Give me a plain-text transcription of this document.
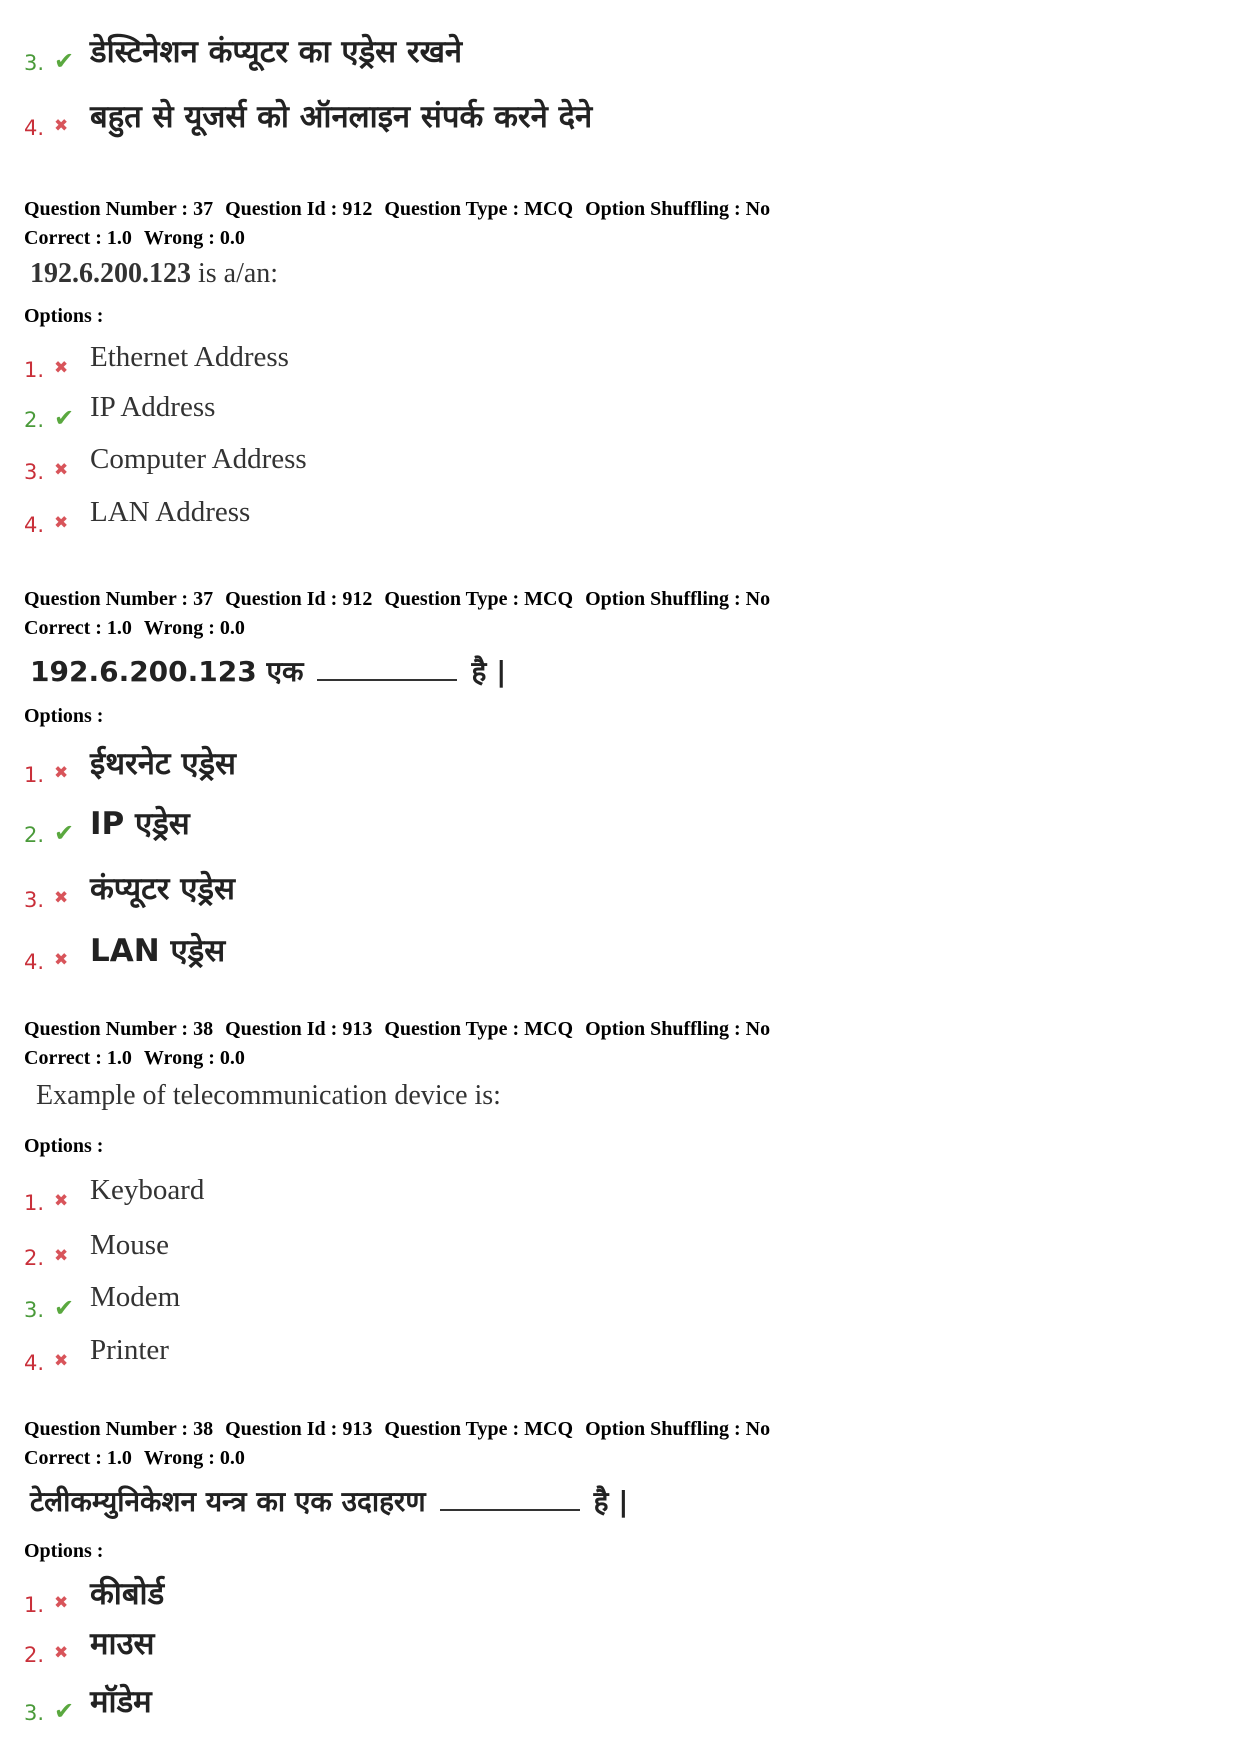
3. ✔ डेस्टिनेशन कंप्यूटर का एड्रेस रखने
4. ✖ बहुत से यूजर्स को ऑनलाइन संपर्क करने देने
Question Number : 37 Question Id : 912 Question Type : MCQ Option Shuffling : No
Correct : 1.0 Wrong : 0.0
192.6.200.123 is a/an:
Options :
1. ✖ Ethernet Address
2. ✔ IP Address
3. ✖ Computer Address
4. ✖ LAN Address
Question Number : 37 Question Id : 912 Question Type : MCQ Option Shuffling : No
Correct : 1.0 Wrong : 0.0
192.6.200.123 एक	है |
Options :
1. ✖ ईथरनेट एड्रेस
2. ✔ IP एड्रेस
3. ✖ कंप्यूटर एड्रेस
4. ✖ LAN एड्रेस
Question Number : 38 Question Id : 913 Question Type : MCQ Option Shuffling : No
Correct : 1.0 Wrong : 0.0
Example of telecommunication device is:
Options :
1. ✖ Keyboard
2. ✖ Mouse
3. ✔ Modem
4. ✖ Printer
Question Number : 38 Question Id : 913 Question Type : MCQ Option Shuffling : No
Correct : 1.0 Wrong : 0.0
टेलीकम्युनिकेशन यन्त्र का एक उदाहरण	है |
Options :
1. ✖ कीबोर्ड
2. ✖ माउस
3. ✔ मॉडेम
